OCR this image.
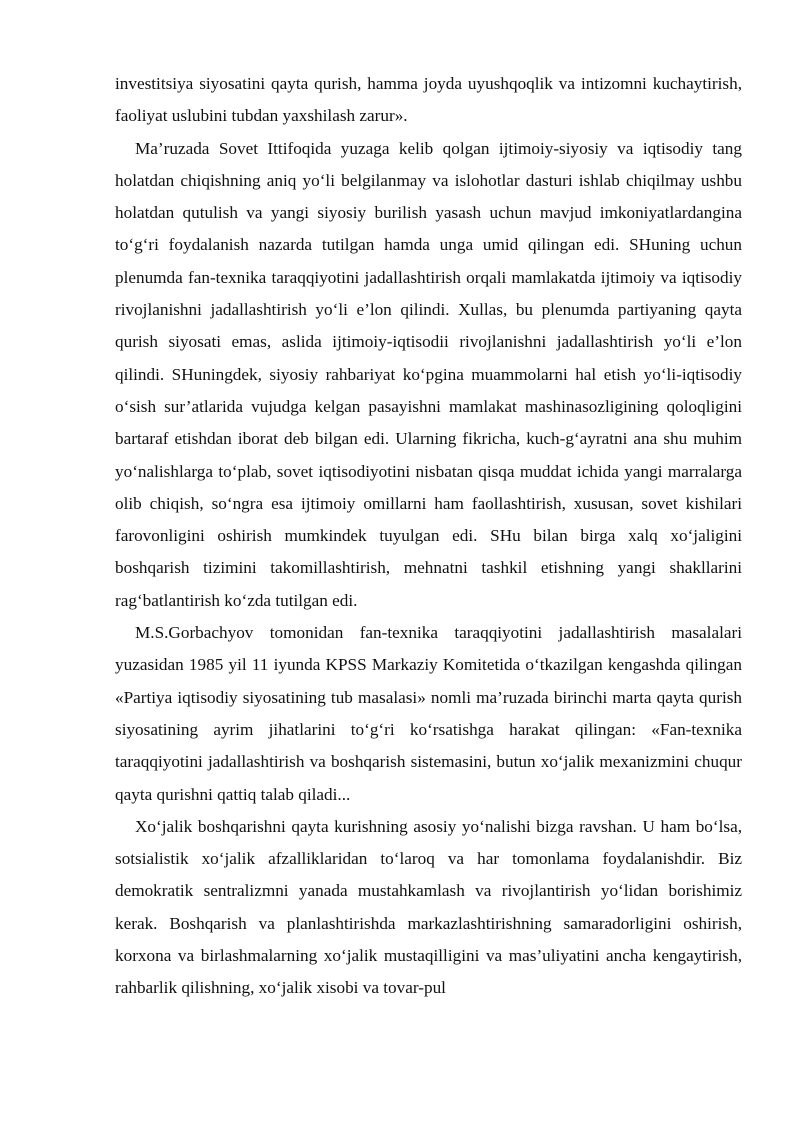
investitsiya siyosatini qayta qurish, hamma joyda uyushqoqlik va intizomni kuchaytirish, faoliyat uslubini tubdan yaxshilash zarur».

Ma’ruzada Sovet Ittifoqida yuzaga kelib qolgan ijtimoiy-siyosiy va iqtisodiy tang holatdan chiqishning aniq yo‘li belgilanmay va islohotlar dasturi ishlab chiqilmay ushbu holatdan qutulish va yangi siyosiy burilish yasash uchun mavjud imkoniyatlardangina to‘g‘ri foydalanish nazarda tutilgan hamda unga umid qilingan edi. SHuning uchun plenumda fan-texnika taraqqiyotini jadallashtirish orqali mamlakatda ijtimoiy va iqtisodiy rivojlanishni jadallashtirish yo‘li e’lon qilindi. Xullas, bu plenumda partiyaning qayta qurish siyosati emas, aslida ijtimoiy-iqtisodii rivojlanishni jadallashtirish yo‘li e’lon qilindi. SHuningdek, siyosiy rahbariyat ko‘pgina muammolarni hal etish yo‘li-iqtisodiy o‘sish sur’atlarida vujudga kelgan pasayishni mamlakat mashinasozligining qoloqligini bartaraf etishdan iborat deb bilgan edi. Ularning fikricha, kuch-g‘ayratni ana shu muhim yo‘nalishlarga to‘plab, sovet iqtisodiyotini nisbatan qisqa muddat ichida yangi marralarga olib chiqish, so‘ngra esa ijtimoiy omillarni ham faollashtirish, xususan, sovet kishilari farovonligini oshirish mumkindek tuyulgan edi. SHu bilan birga xalq xo‘jaligini boshqarish tizimini takomillashtirish, mehnatni tashkil etishning yangi shakllarini rag‘batlantirish ko‘zda tutilgan edi.

M.S.Gorbachyov tomonidan fan-texnika taraqqiyotini jadallashtirish masalalari yuzasidan 1985 yil 11 iyunda KPSS Markaziy Komitetida o‘tkazilgan kengashda qilingan «Partiya iqtisodiy siyosatining tub masalasi» nomli ma’ruzada birinchi marta qayta qurish siyosatining ayrim jihatlarini to‘g‘ri ko‘rsatishga harakat qilingan: «Fan-texnika taraqqiyotini jadallashtirish va boshqarish sistemasini, butun xo‘jalik mexanizmini chuqur qayta qurishni qattiq talab qiladi...

Xo‘jalik boshqarishni qayta kurishning asosiy yo‘nalishi bizga ravshan. U ham bo‘lsa, sotsialistik xo‘jalik afzalliklaridan to‘laroq va har tomonlama foydalanishdir. Biz demokratik sentralizmni yanada mustahkamlash va rivojlantirish yo‘lidan borishimiz kerak. Boshqarish va planlashtirishda markazlashtirishning samaradorligini oshirish, korxona va birlashmalarning xo‘jalik mustaqilligini va mas’uliyatini ancha kengaytirish, rahbarlik qilishning, xo‘jalik xisobi va tovar-pul
